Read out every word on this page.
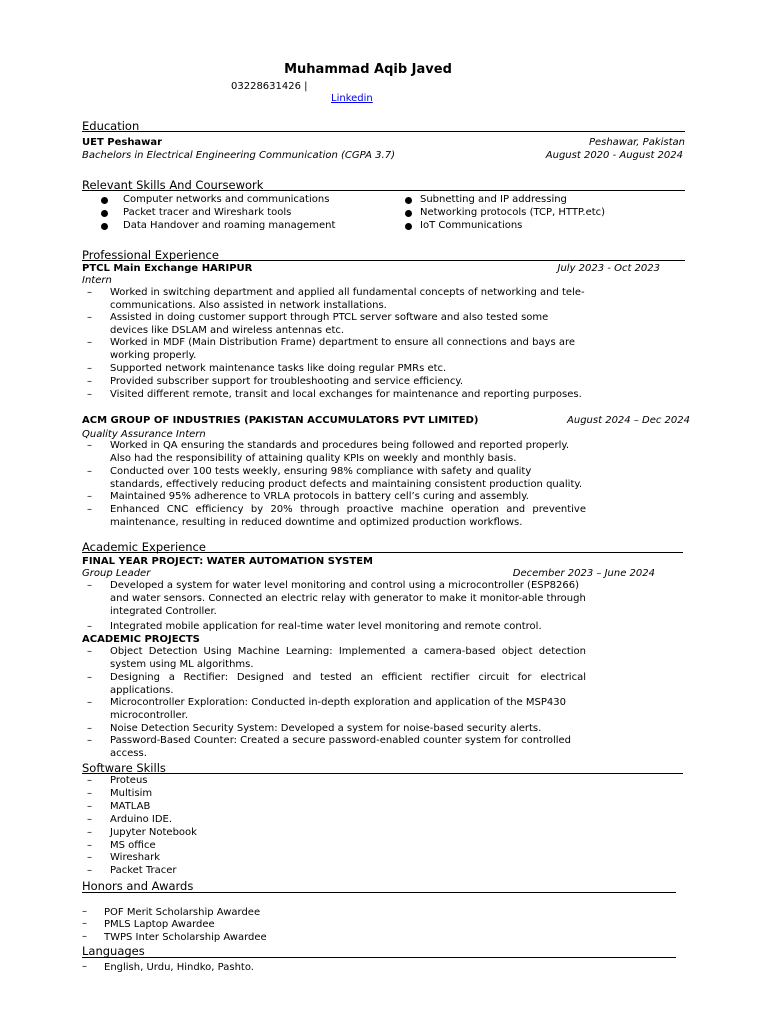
Muhammad Aqib Javed
03228631426 |
Linkedin
Education
UET Peshawar	Peshawar, Pakistan
Bachelors in Electrical Engineering Communication (CGPA 3.7)	August 2020 - August 2024
Relevant Skills And Coursework
Computer networks and communications
Packet tracer and Wireshark tools
Data Handover and roaming management
Subnetting and IP addressing
Networking protocols (TCP, HTTP.etc)
IoT Communications
Professional Experience
PTCL Main Exchange HARIPUR	July 2023 - Oct 2023
Intern
–	Worked in switching department and applied all fundamental concepts of networking and tele-communications. Also assisted in network installations.
–	Assisted in doing customer support through PTCL server software and also tested some devices like DSLAM and wireless antennas etc.
–	Worked in MDF (Main Distribution Frame) department to ensure all connections and bays are working properly.
–	Supported network maintenance tasks like doing regular PMRs etc.
–	Provided subscriber support for troubleshooting and service efficiency.
–	Visited different remote, transit and local exchanges for maintenance and reporting purposes.
ACM GROUP OF INDUSTRIES (PAKISTAN ACCUMULATORS PVT LIMITED)	August 2024 – Dec 2024
Quality Assurance Intern
–	Worked in QA ensuring the standards and procedures being followed and reported properly. Also had the responsibility of attaining quality KPIs on weekly and monthly basis.
–	Conducted over 100 tests weekly, ensuring 98% compliance with safety and quality standards, effectively reducing product defects and maintaining consistent production quality.
–	Maintained 95% adherence to VRLA protocols in battery cell’s curing and assembly.
–	Enhanced CNC efficiency by 20% through proactive machine operation and preventive maintenance, resulting in reduced downtime and optimized production workflows.
Academic Experience
FINAL YEAR PROJECT: WATER AUTOMATION SYSTEM
Group Leader	December 2023 – June 2024
–	Developed a system for water level monitoring and control using a microcontroller (ESP8266) and water sensors. Connected an electric relay with generator to make it monitor-able through integrated Controller.
–	Integrated mobile application for real-time water level monitoring and remote control.
ACADEMIC PROJECTS
–	Object Detection Using Machine Learning: Implemented a camera-based object detection system using ML algorithms.
–	Designing a Rectifier: Designed and tested an efficient rectifier circuit for electrical applications.
–	Microcontroller Exploration: Conducted in-depth exploration and application of the MSP430 microcontroller.
–	Noise Detection Security System: Developed a system for noise-based security alerts.
–	Password-Based Counter: Created a secure password-enabled counter system for controlled access.
Software Skills
–	Proteus
–	Multisim
–	MATLAB
–	Arduino IDE.
–	Jupyter Notebook
–	MS office
–	Wireshark
–	Packet Tracer
Honors and Awards
–	POF Merit Scholarship Awardee
–	PMLS Laptop Awardee
–	TWPS Inter Scholarship Awardee
Languages
–	English, Urdu, Hindko, Pashto.
